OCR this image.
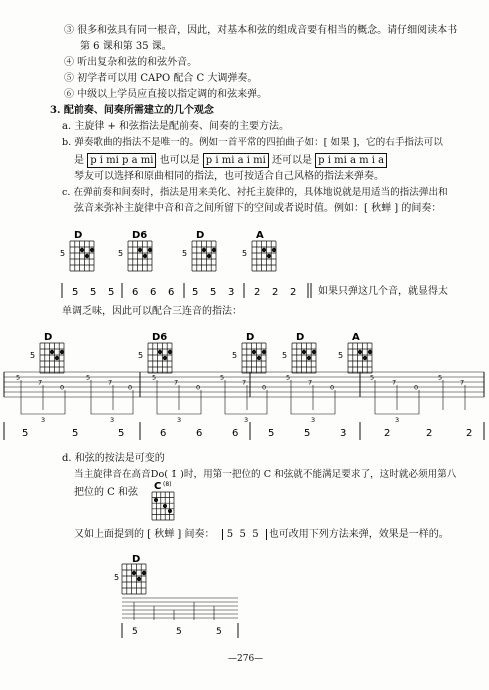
③ 很多和弦具有同一根音，因此，对基本和弦的组成音要有相当的概念。请仔细阅读本书
第 6 课和第 35 课。
④ 听出复杂和弦的和弦外音。
⑤ 初学者可以用 CAPO 配合 C 大调弹奏。
⑥ 中级以上学员应直接以指定调的和弦来弹。
3. 配前奏、间奏所需建立的几个观念
a. 主旋律 + 和弦指法是配前奏、间奏的主要方法。
b. 弹奏歌曲的指法不是唯一的。例如一首平常的四拍曲子如：[ 如果 ]，它的右手指法可以
是 p i mi p a mi 也可以是 p i mi a i mi 还可以是 p i mi a m i a
琴友可以选择和原曲相同的指法，也可按适合自己风格的指法来弹奏。
c. 在弹前奏和间奏时，指法是用来美化、衬托主旋律的，具体地说就是用适当的指法弹出和
弦音来弥补主旋律中音和音之间所留下的空间或者说时值。例如：[ 秋蝉 ] 的间奏：
D
5
D6
5
D
5
A
5
5 5 5 6 6 6 5 5 3 2 2 2 如果只弹这几个音，就显得太
单调乏味，因此可以配合三连音的指法：
D
5
D6
5
D
5
D
5
A
5
5
7
0
5
7
0
5
7
0
5
7
0
5
7
0
5
7
0
5
7
3	3	3	3	3	3
5	5	5	6	6	6	5	5	3	2	2	2
d. 和弦的按法是可变的
当主旋律音在高音Do( 1̇ )时，用第一把位的 C 和弦就不能满足要求了，这时就必须用第八
把位的 C 和弦
C (8)
又如上面提到的 [ 秋蝉 ] 间奏： 5 5 5 也可改用下列方法来弹，效果是一样的。
D
5
5	5	5
—276—
